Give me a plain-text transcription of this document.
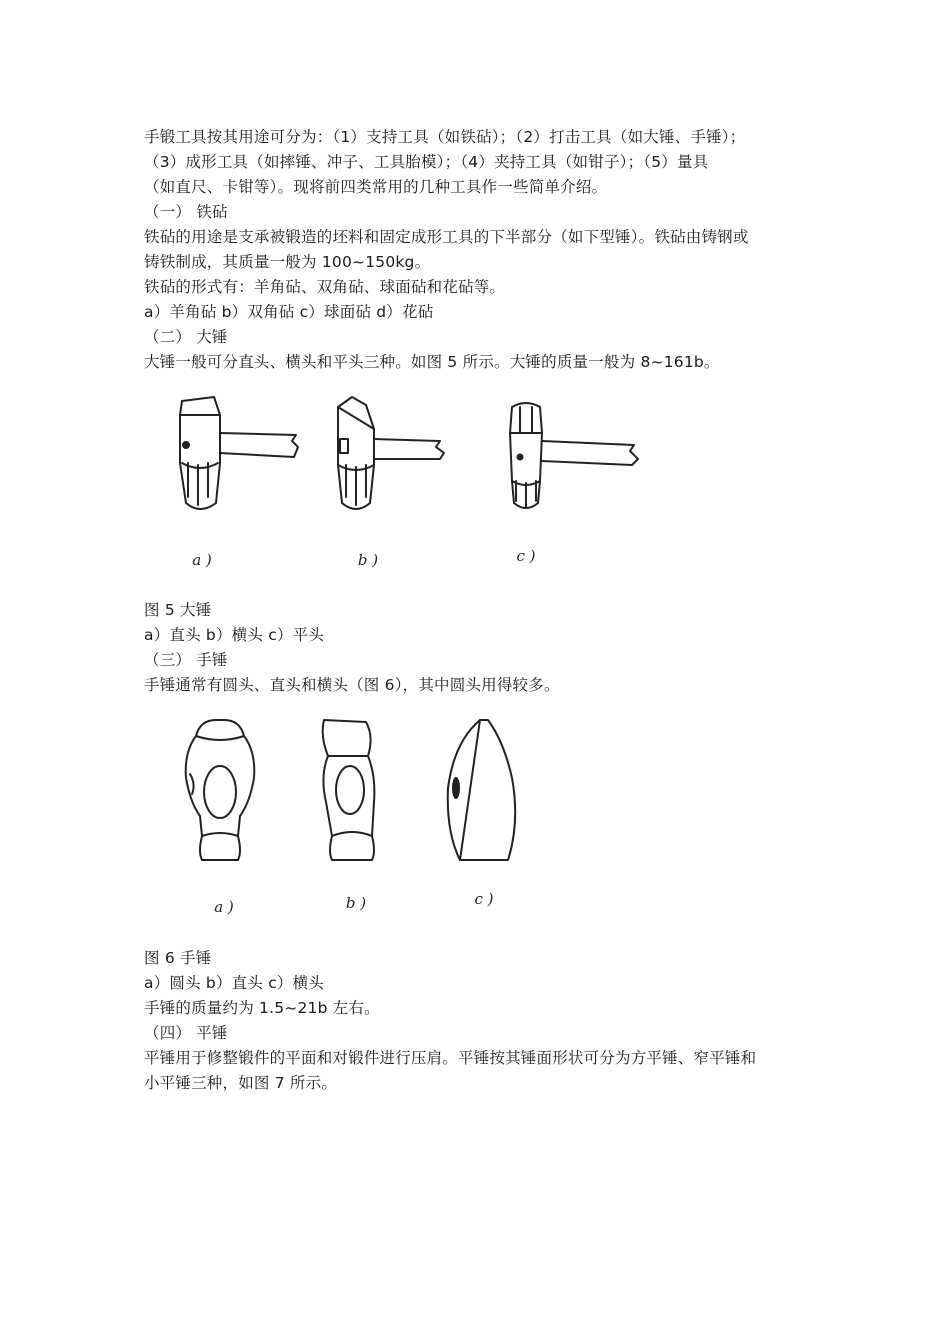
手锻工具按其用途可分为：（1）支持工具（如铁砧）；（2）打击工具（如大锤、手锤）；
（3）成形工具（如摔锤、冲子、工具胎模）；（4）夹持工具（如钳子）；（5）量具
（如直尺、卡钳等）。现将前四类常用的几种工具作一些简单介绍。
（一） 铁砧
铁砧的用途是支承被锻造的坯料和固定成形工具的下半部分（如下型锤）。铁砧由铸钢或
铸铁制成，其质量一般为 100~150kg。
铁砧的形式有：羊角砧、双角砧、球面砧和花砧等。
a）羊角砧 b）双角砧 c）球面砧 d）花砧
（二） 大锤
大锤一般可分直头、横头和平头三种。如图 5 所示。大锤的质量一般为 8~161b。
a )	b )	c )
图 5 大锤
a）直头 b）横头 c）平头
（三） 手锤
手锤通常有圆头、直头和横头（图 6），其中圆头用得较多。
a )	b )	c )
图 6 手锤
a）圆头 b）直头 c）横头
手锤的质量约为 1.5~21b 左右。
（四） 平锤
平锤用于修整锻件的平面和对锻件进行压肩。平锤按其锤面形状可分为方平锤、窄平锤和
小平锤三种，如图 7 所示。
